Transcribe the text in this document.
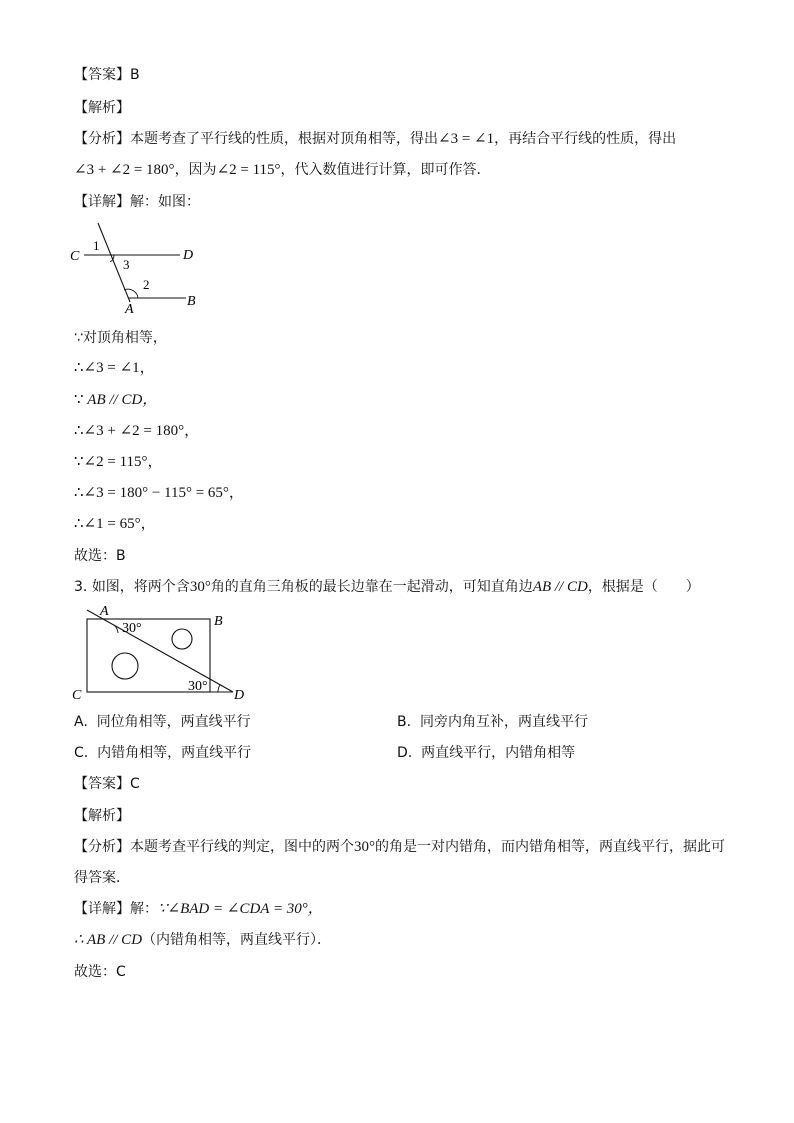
【答案】B
【解析】
【分析】本题考查了平行线的性质，根据对顶角相等，得出∠3 = ∠1，再结合平行线的性质，得出
∠3 + ∠2 = 180°，因为∠2 = 115°，代入数值进行计算，即可作答．
【详解】解：如图：
C	D
A
B
1
3
2
∵对顶角相等，
∴∠3 = ∠1，
∵ AB // CD，
∴∠3 + ∠2 = 180°，
∵∠2 = 115°，
∴∠3 = 180° − 115° = 65°，
∴∠1 = 65°，
故选：B
3. 如图，将两个含30°角的直角三角板的最长边靠在一起滑动，可知直角边AB // CD，根据是（　　）
A
B
C	D
30°
30°
A. 同位角相等，两直线平行	B. 同旁内角互补，两直线平行
C. 内错角相等，两直线平行	D. 两直线平行，内错角相等
【答案】C
【解析】
【分析】本题考查平行线的判定，图中的两个30°的角是一对内错角，而内错角相等，两直线平行，据此可
得答案．
【详解】解：∵∠BAD = ∠CDA = 30°，
∴ AB // CD（内错角相等，两直线平行）．
故选：C
